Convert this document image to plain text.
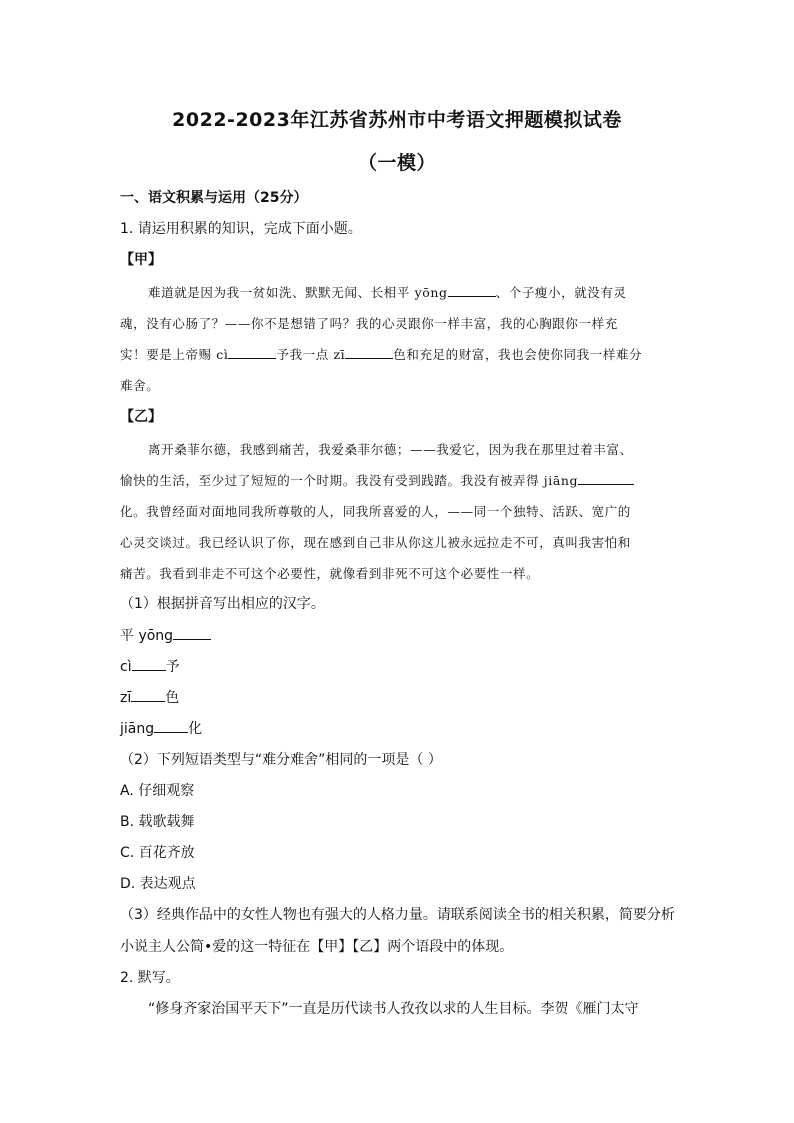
2022-2023年江苏省苏州市中考语文押题模拟试卷
（一模）
一、语文积累与运用（25分）
1. 请运用积累的知识，完成下面小题。
【甲】
难道就是因为我一贫如洗、默默无闻、长相平 yōng	、个子瘦小，就没有灵
魂，没有心肠了？——你不是想错了吗？我的心灵跟你一样丰富，我的心胸跟你一样充
实！要是上帝赐 cì	予我一点 zī	色和充足的财富，我也会使你同我一样难分
难舍。
【乙】
离开桑菲尔德，我感到痛苦，我爱桑菲尔德；——我爱它，因为我在那里过着丰富、
愉快的生活，至少过了短短的一个时期。我没有受到践踏。我没有被弄得 jiāng
化。我曾经面对面地同我所尊敬的人，同我所喜爱的人，——同一个独特、活跃、宽广的
心灵交谈过。我已经认识了你，现在感到自己非从你这儿被永远拉走不可，真叫我害怕和
痛苦。我看到非走不可这个必要性，就像看到非死不可这个必要性一样。
（1）根据拼音写出相应的汉字。
平 yōng
cì 予
zī 色
jiāng 化
（2）下列短语类型与“难分难舍”相同的一项是（ ）
A. 仔细观察
B. 载歌载舞
C. 百花齐放
D. 表达观点
（3）经典作品中的女性人物也有强大的人格力量。请联系阅读全书的相关积累，简要分析
小说主人公简•爱的这一特征在【甲】【乙】两个语段中的体现。
2. 默写。
“修身齐家治国平天下”一直是历代读书人孜孜以求的人生目标。李贺《雁门太守
